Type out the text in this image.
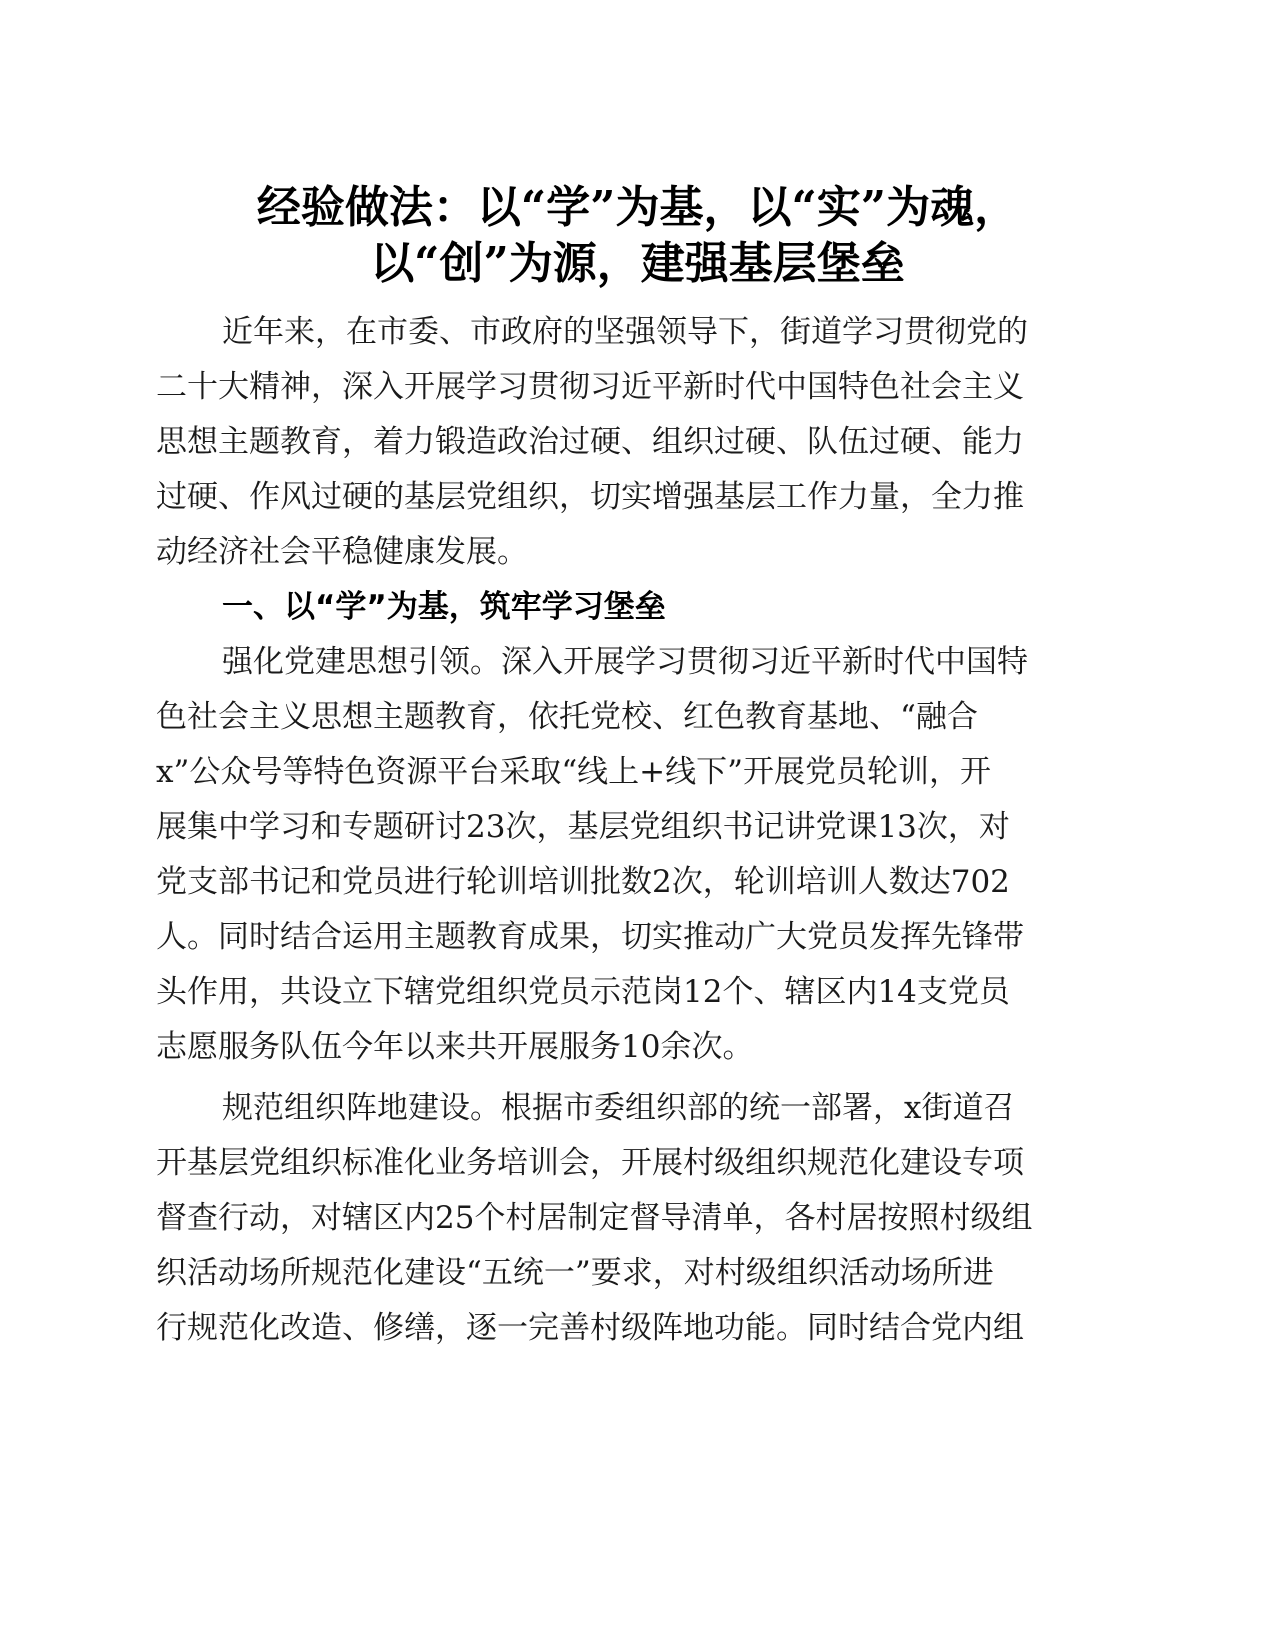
经验做法：以“学”为基，以“实”为魂，
以“创”为源，建强基层堡垒
近年来，在市委、市政府的坚强领导下，街道学习贯彻党的
二十大精神，深入开展学习贯彻习近平新时代中国特色社会主义
思想主题教育，着力锻造政治过硬、组织过硬、队伍过硬、能力
过硬、作风过硬的基层党组织，切实增强基层工作力量，全力推
动经济社会平稳健康发展。
一、以“学”为基，筑牢学习堡垒
强化党建思想引领。深入开展学习贯彻习近平新时代中国特
色社会主义思想主题教育，依托党校、红色教育基地、“融合
x”公众号等特色资源平台采取“线上+线下”开展党员轮训，开
展集中学习和专题研讨23次，基层党组织书记讲党课13次，对
党支部书记和党员进行轮训培训批数2次，轮训培训人数达702
人。同时结合运用主题教育成果，切实推动广大党员发挥先锋带
头作用，共设立下辖党组织党员示范岗12个、辖区内14支党员
志愿服务队伍今年以来共开展服务10余次。
规范组织阵地建设。根据市委组织部的统一部署，x街道召
开基层党组织标准化业务培训会，开展村级组织规范化建设专项
督查行动，对辖区内25个村居制定督导清单，各村居按照村级组
织活动场所规范化建设“五统一”要求，对村级组织活动场所进
行规范化改造、修缮，逐一完善村级阵地功能。同时结合党内组
